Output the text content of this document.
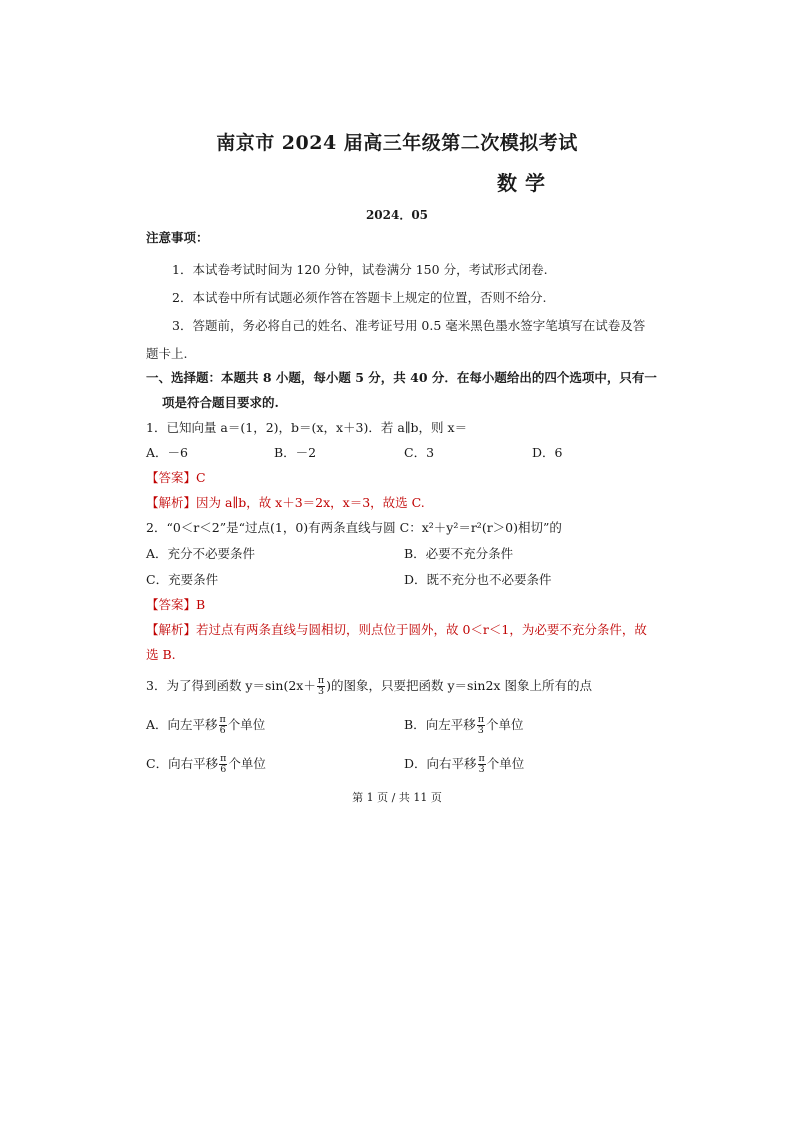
南京市 2024 届高三年级第二次模拟考试
数学
2024．05
注意事项：
1．本试卷考试时间为 120 分钟，试卷满分 150 分，考试形式闭卷.
2．本试卷中所有试题必须作答在答题卡上规定的位置，否则不给分.
3．答题前，务必将自己的姓名、准考证号用 0.5 毫米黑色墨水签字笔填写在试卷及答
题卡上.
一、选择题：本题共 8 小题，每小题 5 分，共 40 分．在每小题给出的四个选项中，只有一
项是符合题目要求的.
1．已知向量 a＝(1，2)，b＝(x，x＋3)．若 a∥b，则 x＝
A．－6	B．－2	C．3	D．6
【答案】C
【解析】因为 a∥b，故 x＋3＝2x，x＝3，故选 C.
2．“0＜r＜2”是“过点(1，0)有两条直线与圆 C：x²＋y²＝r²(r＞0)相切”的
A．充分不必要条件	B．必要不充分条件
C．充要条件	D．既不充分也不必要条件
【答案】B
【解析】若过点有两条直线与圆相切，则点位于圆外，故 0＜r＜1，为必要不充分条件，故
选 B.
3．为了得到函数 $y=\sin(2x+ \frac{\pi}{3}$ )的图象，只要把函数 y＝sin2x 图象上所有的点
A．向左平移 $\frac{\pi}{6}$ 个单位	B．向左平移 $\frac{\pi}{3}$ 个单位
C．向右平移 $\frac{\pi}{6}$ 个单位	D．向右平移 $\frac{\pi}{3}$ 个单位
第 1 页 / 共 11 页
